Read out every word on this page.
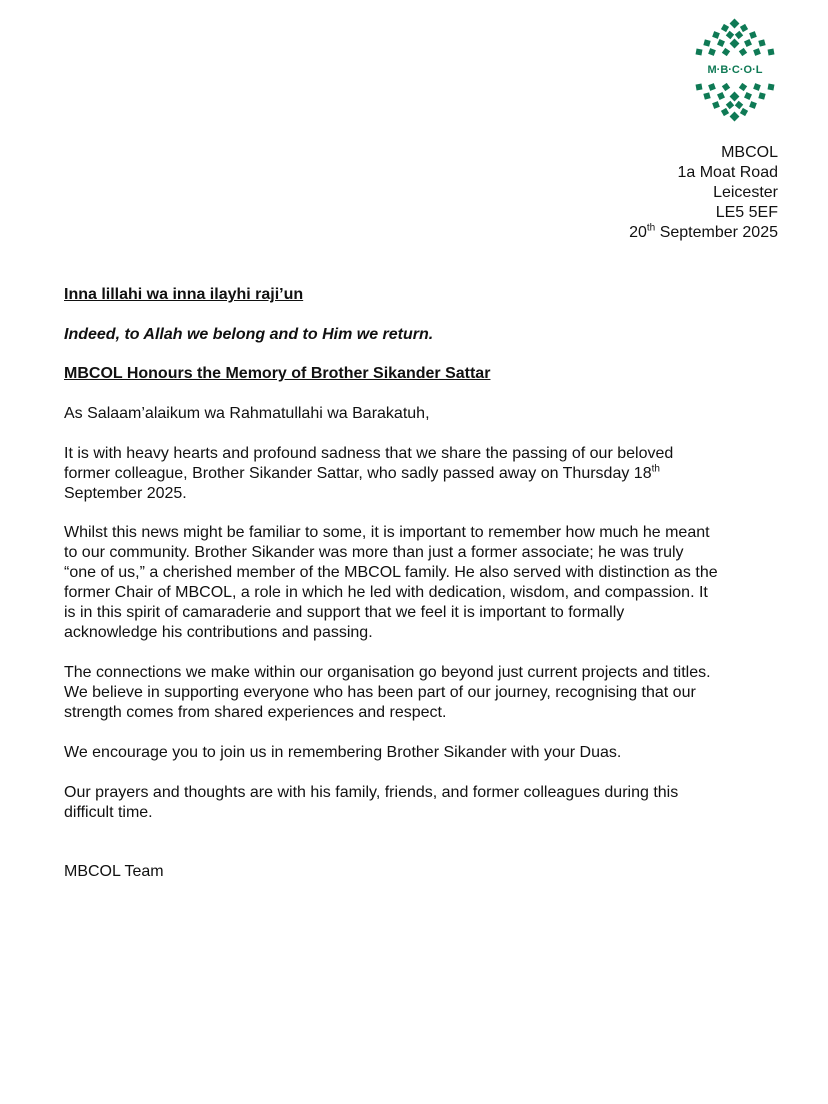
M·B·C·O·L
MBCOL
1a Moat Road
Leicester
LE5 5EF
20th September 2025
Inna lillahi wa inna ilayhi raji’un
Indeed, to Allah we belong and to Him we return.
MBCOL Honours the Memory of Brother Sikander Sattar
As Salaam’alaikum wa Rahmatullahi wa Barakatuh,
It is with heavy hearts and profound sadness that we share the passing of our beloved
former colleague, Brother Sikander Sattar, who sadly passed away on Thursday 18th
September 2025.
Whilst this news might be familiar to some, it is important to remember how much he meant
to our community. Brother Sikander was more than just a former associate; he was truly
“one of us,” a cherished member of the MBCOL family. He also served with distinction as the
former Chair of MBCOL, a role in which he led with dedication, wisdom, and compassion. It
is in this spirit of camaraderie and support that we feel it is important to formally
acknowledge his contributions and passing.
The connections we make within our organisation go beyond just current projects and titles.
We believe in supporting everyone who has been part of our journey, recognising that our
strength comes from shared experiences and respect.
We encourage you to join us in remembering Brother Sikander with your Duas.
Our prayers and thoughts are with his family, friends, and former colleagues during this
difficult time.
MBCOL Team
